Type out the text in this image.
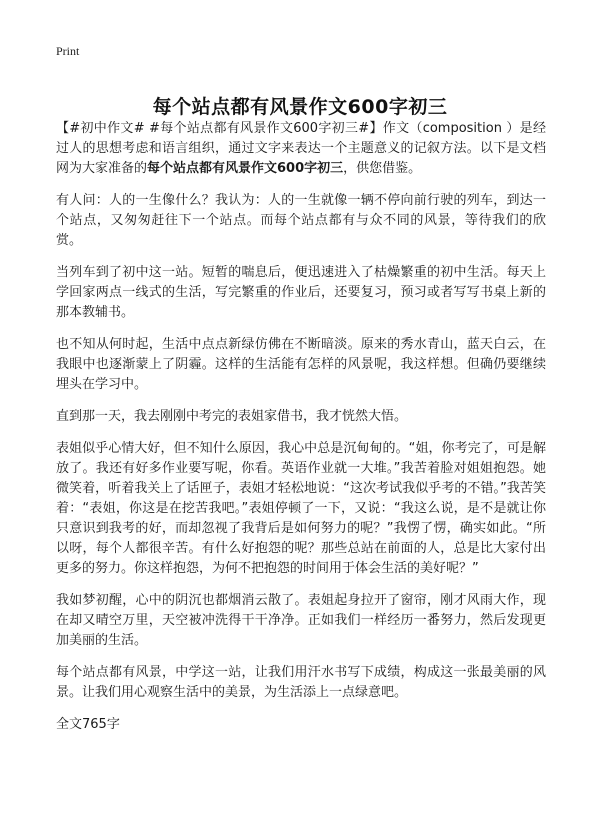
Print
每个站点都有风景作文600字初三

【#初中作文# #每个站点都有风景作文600字初三#】作文（composition ）是经过人的思想考虑和语言组织，通过文字来表达一个主题意义的记叙方法。以下是文档网为大家准备的每个站点都有风景作文600字初三，供您借鉴。

有人问：人的一生像什么？我认为：人的一生就像一辆不停向前行驶的列车，到达一个站点，又匆匆赶往下一个站点。而每个站点都有与众不同的风景，等待我们的欣赏。

当列车到了初中这一站。短暂的喘息后，便迅速进入了枯燥繁重的初中生活。每天上学回家两点一线式的生活，写完繁重的作业后，还要复习，预习或者写写书桌上新的那本教辅书。

也不知从何时起，生活中点点新绿仿佛在不断暗淡。原来的秀水青山，蓝天白云，在我眼中也逐渐蒙上了阴霾。这样的生活能有怎样的风景呢，我这样想。但确仍要继续埋头在学习中。

直到那一天，我去刚刚中考完的表姐家借书，我才恍然大悟。

表姐似乎心情大好，但不知什么原因，我心中总是沉甸甸的。“姐，你考完了，可是解放了。我还有好多作业要写呢，你看。英语作业就一大堆。”我苦着脸对姐姐抱怨。她微笑着，听着我关上了话匣子，表姐才轻松地说：“这次考试我似乎考的不错。”我苦笑着：“表姐，你这是在挖苦我吧。”表姐停顿了一下，又说：“我这么说，是不是就让你只意识到我考的好，而却忽视了我背后是如何努力的呢？”我愣了愣，确实如此。“所以呀，每个人都很辛苦。有什么好抱怨的呢？那些总站在前面的人，总是比大家付出更多的努力。你这样抱怨，为何不把抱怨的时间用于体会生活的美好呢？”

我如梦初醒，心中的阴沉也都烟消云散了。表姐起身拉开了窗帘，刚才风雨大作，现在却又晴空万里，天空被冲洗得干干净净。正如我们一样经历一番努力，然后发现更加美丽的生活。

每个站点都有风景，中学这一站，让我们用汗水书写下成绩，构成这一张最美丽的风景。让我们用心观察生活中的美景，为生活添上一点绿意吧。

全文765字
